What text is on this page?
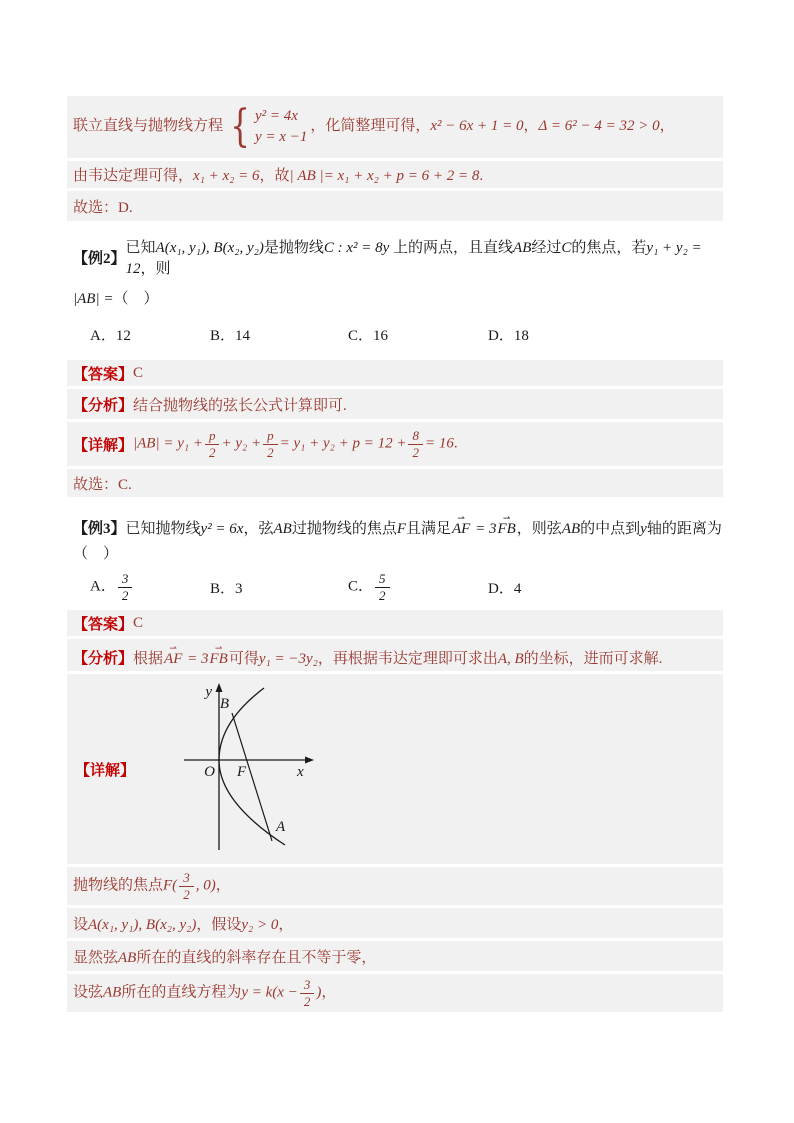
联立直线与抛物线方程 { y² = 4x
y = x −1
，化简整理可得，x² − 6x + 1 = 0，Δ = 6² − 4 = 32 > 0，
由韦达定理可得，x₁ + x₂ = 6，故| AB |= x₁ + x₂ + p = 6 + 2 = 8.
故选：D.
【例2】
已知A(x₁, y₁), B(x₂, y₂)是抛物线C : x² = 8y 上的两点，且直线AB经过C的焦点，若y₁ + y₂ = 12，则
|AB| =（　）
A．12	B．14	C．16	D．18
【答案】 C
【分析】 结合抛物线的弦长公式计算即可.
【详解】 $|AB| = y_1 + \frac{p}{2} + y_2 + \frac{p}{2} = y_1 + y_2 + p = 12 + \frac{8}{2} = 16$.
故选：C.
【例3】 已知抛物线y² = 6x，弦AB过抛物线的焦点F且满足⇀ AF = 3⇀ FB，则弦AB的中点到y轴的距离为
（　）
A． $\frac{3}{2}$	B．3	C． $\frac{5}{2}$	D．4
【答案】 C
【分析】 根据⇀ AF = 3⇀ FB可得y₁ = −3y₂，再根据韦达定理即可求出A, B的坐标，进而可求解.
【详解】
y
x
O F
B
A
抛物线的焦点$F( \frac{3}{2}$ , 0)，
设A(x₁, y₁), B(x₂, y₂)，假设y₂ > 0，
显然弦AB所在的直线的斜率存在且不等于零，
设弦AB所在的直线方程为$y = k(x - \frac{3}{2}$ )，
